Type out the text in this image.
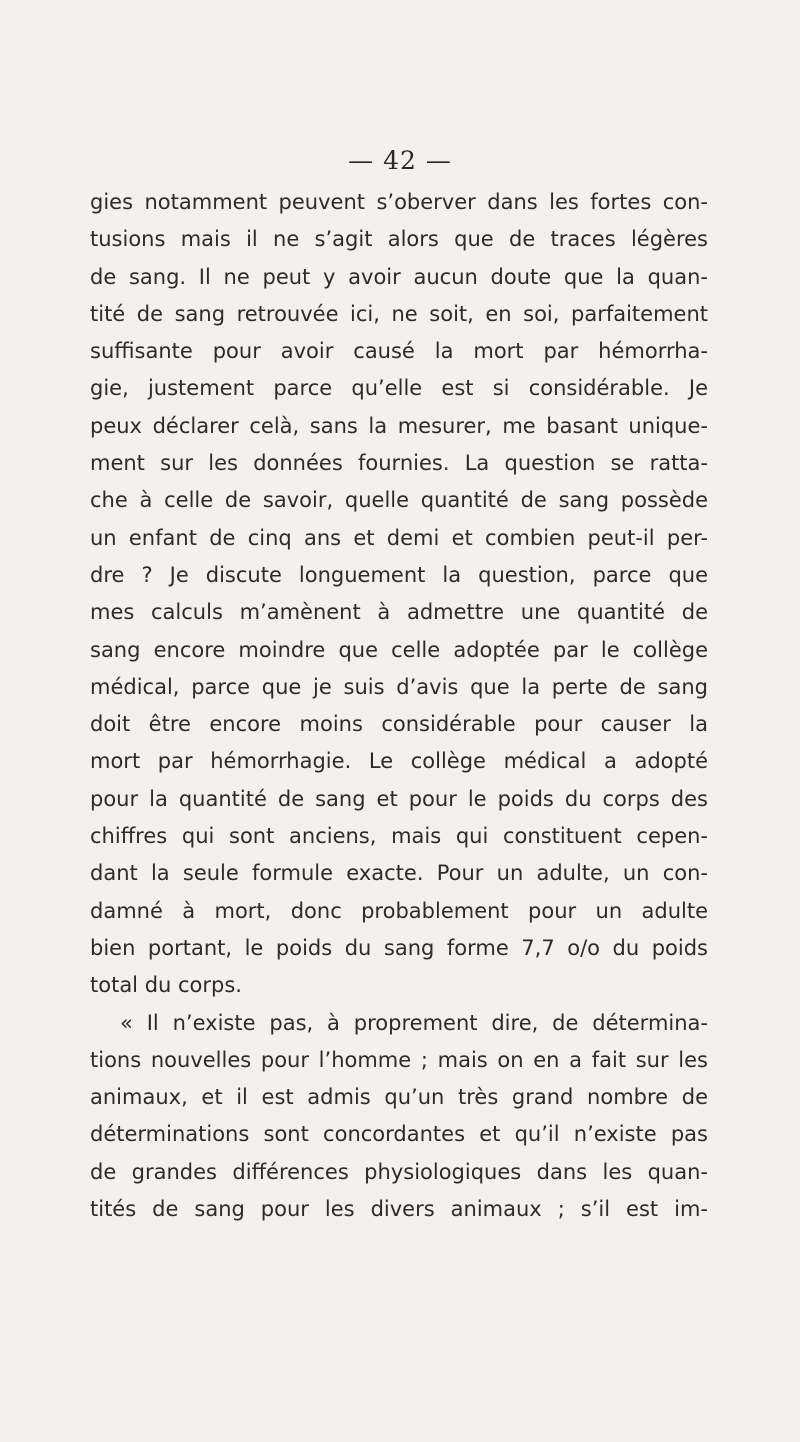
— 42 —
gies notamment peuvent s’oberver dans les fortes con-
tusions mais il ne s’agit alors que de traces légères
de sang. Il ne peut y avoir aucun doute que la quan-
tité de sang retrouvée ici, ne soit, en soi, parfaitement
suffisante pour avoir causé la mort par hémorrha-
gie, justement parce qu’elle est si considérable. Je
peux déclarer celà, sans la mesurer, me basant unique-
ment sur les données fournies. La question se ratta-
che à celle de savoir, quelle quantité de sang possède
un enfant de cinq ans et demi et combien peut-il per-
dre ? Je discute longuement la question, parce que
mes calculs m’amènent à admettre une quantité de
sang encore moindre que celle adoptée par le collège
médical, parce que je suis d’avis que la perte de sang
doit être encore moins considérable pour causer la
mort par hémorrhagie. Le collège médical a adopté
pour la quantité de sang et pour le poids du corps des
chiffres qui sont anciens, mais qui constituent cepen-
dant la seule formule exacte. Pour un adulte, un con-
damné à mort, donc probablement pour un adulte
bien portant, le poids du sang forme 7,7 o/o du poids
total du corps.
« Il n’existe pas, à proprement dire, de détermina-
tions nouvelles pour l’homme ; mais on en a fait sur les
animaux, et il est admis qu’un très grand nombre de
déterminations sont concordantes et qu’il n’existe pas
de grandes différences physiologiques dans les quan-
tités de sang pour les divers animaux ; s’il est im-
